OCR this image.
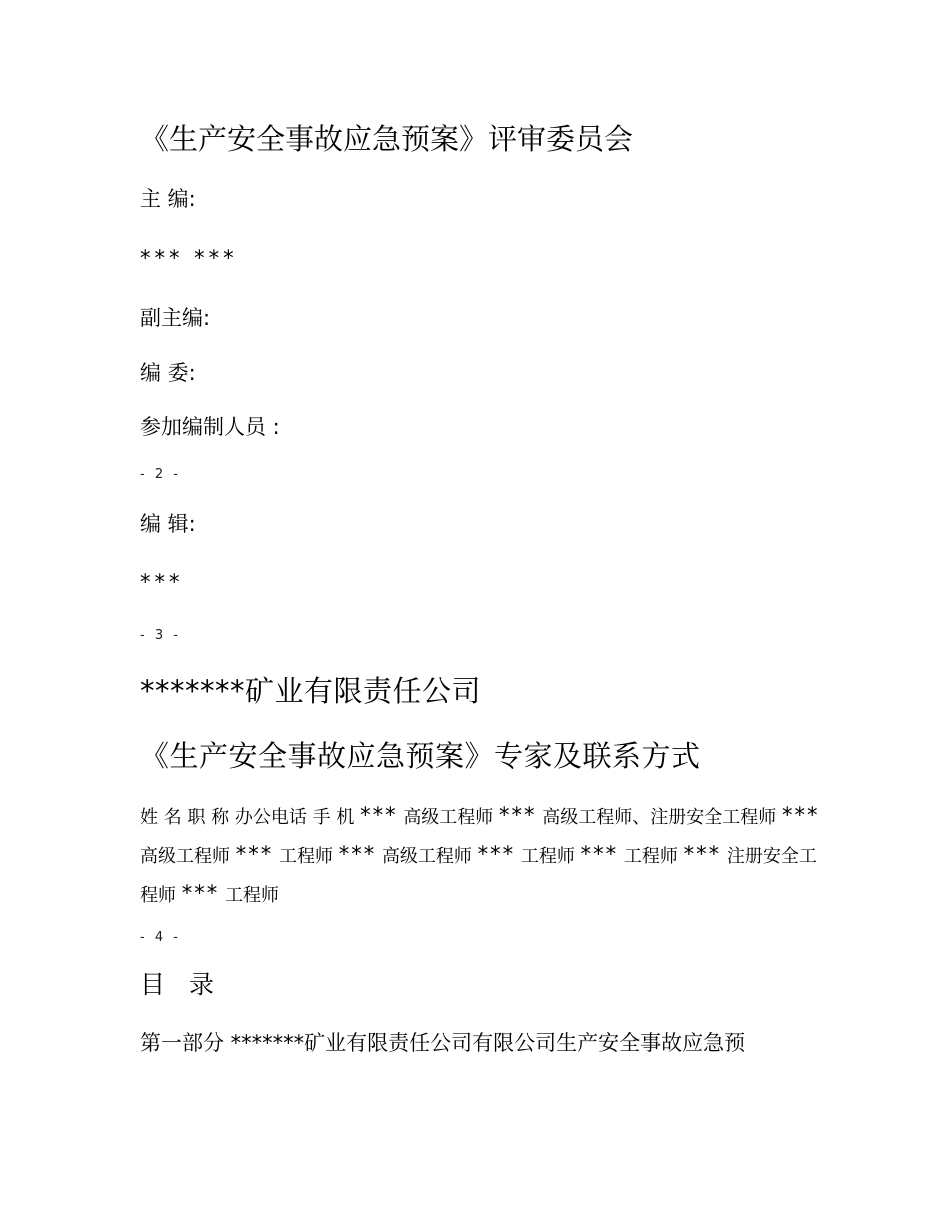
《生产安全事故应急预案》评审委员会
主 编:
*** ***
副主编:
编 委:
参加编制人员 :
- 2 -
编 辑:
***
- 3 -
*******矿业有限责任公司
《生产安全事故应急预案》专家及联系方式
姓 名 职 称 办公电话 手 机 *** 高级工程师 *** 高级工程师、注册安全工程师 *** 高级工程师 *** 工程师 *** 高级工程师 *** 工程师 *** 工程师 *** 注册安全工程师 *** 工程师
- 4 -
目 录
第一部分 *******矿业有限责任公司有限公司生产安全事故应急预
